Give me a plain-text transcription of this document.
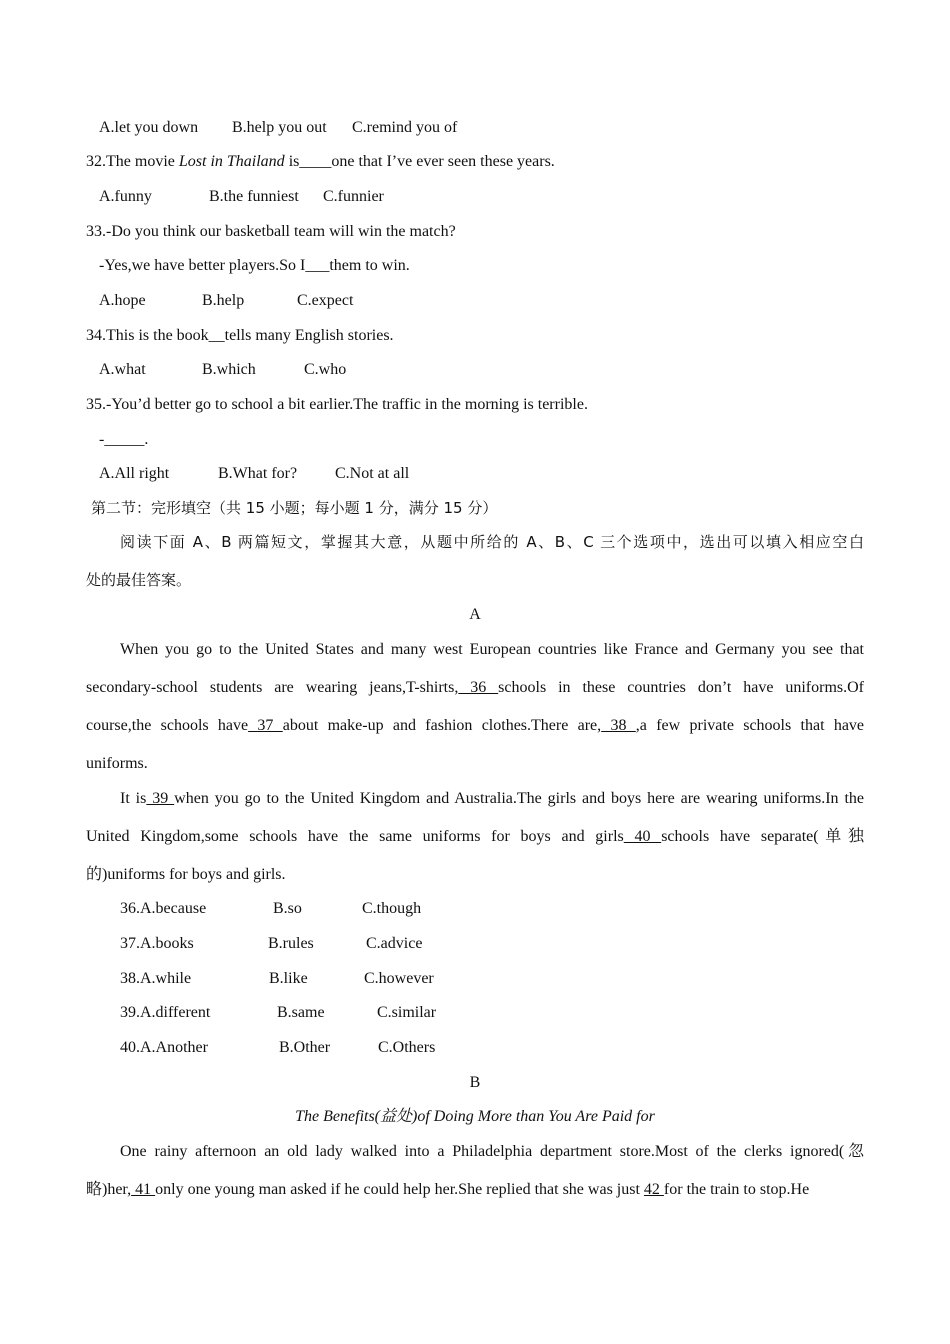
A.let you down B.help you out C.remind you of
32.The movie Lost in Thailand is____one that I’ve ever seen these years.
A.funny	B.the funniest C.funnier
33.-Do you think our basketball team will win the match?
-Yes,we have better players.So I___them to win.
A.hope	B.help	C.expect
34.This is the book__tells many English stories.
A.what	B.which	C.who
35.-You’d better go to school a bit earlier.The traffic in the morning is terrible.
-_____.
A.All right	B.What for? C.Not at all
第二节：完形填空（共 15 小题；每小题 1 分，满分 15 分）
阅读下面 A、B 两篇短文，掌握其大意，从题中所给的 A、B、C 三个选项中，选出可以填入相应空白
处的最佳答案。
A
When you go to the United States and many west European countries like France and Germany you see that
secondary-school students are wearing jeans,T-shirts, 36 schools in these countries don’t have uniforms.Of
course,the schools have 37 about make-up and fashion clothes.There are, 38 ,a few private schools that have
uniforms.
It is 39 when you go to the United Kingdom and Australia.The girls and boys here are wearing uniforms.In the
United Kingdom,some schools have the same uniforms for boys and girls 40 schools have separate(单独
的)uniforms for boys and girls.
36.A.because	B.so	C.though
37.A.books	B.rules	C.advice
38.A.while	B.like	C.however
39.A.different	B.same	C.similar
40.A.Another	B.Other	C.Others
B
The Benefits(益处)of Doing More than You Are Paid for
One rainy afternoon an old lady walked into a Philadelphia department store.Most of the clerks ignored(忽
略)her, 41 only one young man asked if he could help her.She replied that she was just 42 for the train to stop.He
